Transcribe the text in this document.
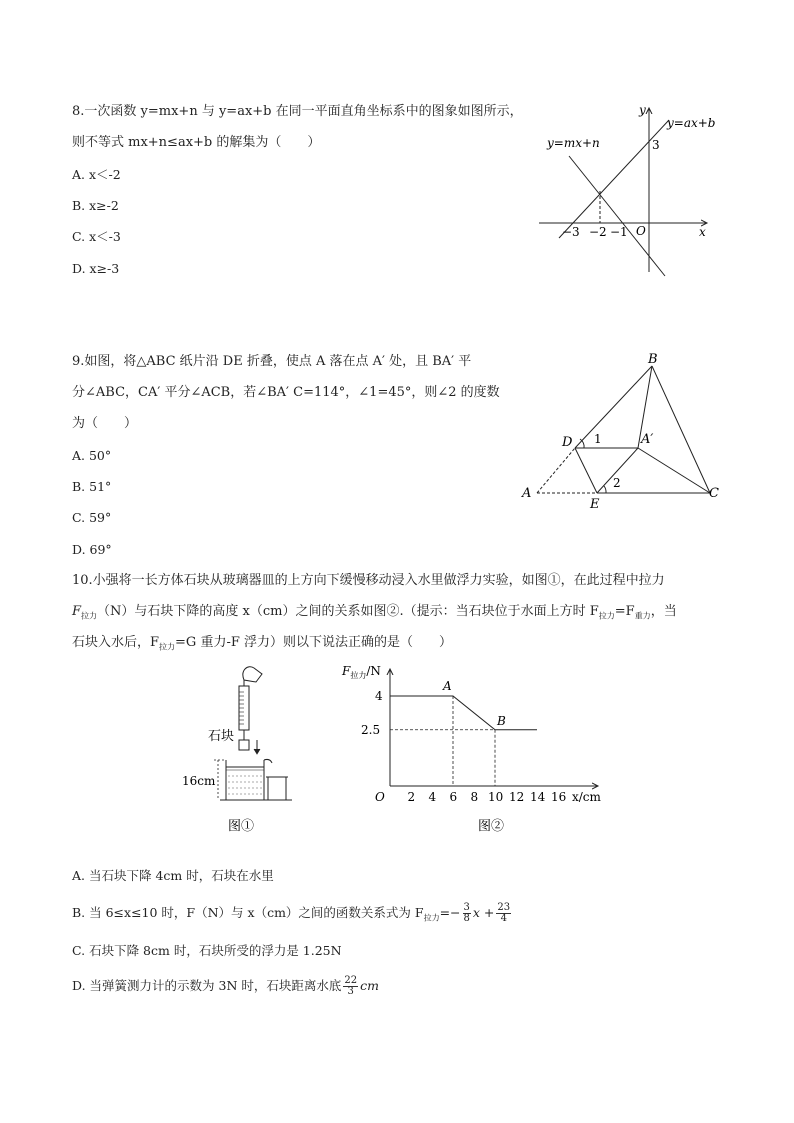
8.一次函数 y=mx+n 与 y=ax+b 在同一平面直角坐标系中的图象如图所示，
则不等式 mx+n≤ax+b 的解集为（　　）
A. x＜-2
B. x≥-2
C. x＜-3
D. x≥-3
y
x
y=ax+b
y=mx+n	3
O
−3 −2 −1
9.如图，将△ABC 纸片沿 DE 折叠，使点 A 落在点 A′ 处，且 BA′ 平
分∠ABC，CA′ 平分∠ACB，若∠BA′ C=114°，∠1=45°，则∠2 的度数
为（　　）
A. 50°
B. 51°
C. 59°
D. 69°
B
D	A′
A
E
C
1
2
10.小强将一长方体石块从玻璃器皿的上方向下缓慢移动浸入水里做浮力实验，如图①，在此过程中拉力
$F_{拉力}(N)$与石块下降的高度 x（cm）之间的关系如图②.（提示：当石块位于水面上方时 $F_{拉力}=F_{重力}$，当
石块入水后，$F_{拉力}=G$ 重力-F 浮力）则以下说法正确的是（　　）
石块
16cm
图①
2 4 6 8 10 12 14 16
4
2.5
$F_{拉力}/N$
O	x/cm
A
B
图②
A. 当石块下降 4cm 时，石块在水里
B. 当 6≤x≤10 时，F（N）与 x（cm）之间的函数关系式为 $F_{拉力}=- \frac{3}{8}$ $x + \frac{23}{4}$
C. 石块下降 8cm 时，石块所受的浮力是 1.25N
D. 当弹簧测力计的示数为 3N 时，石块距离水底 $\frac{22}{3}$ cm
